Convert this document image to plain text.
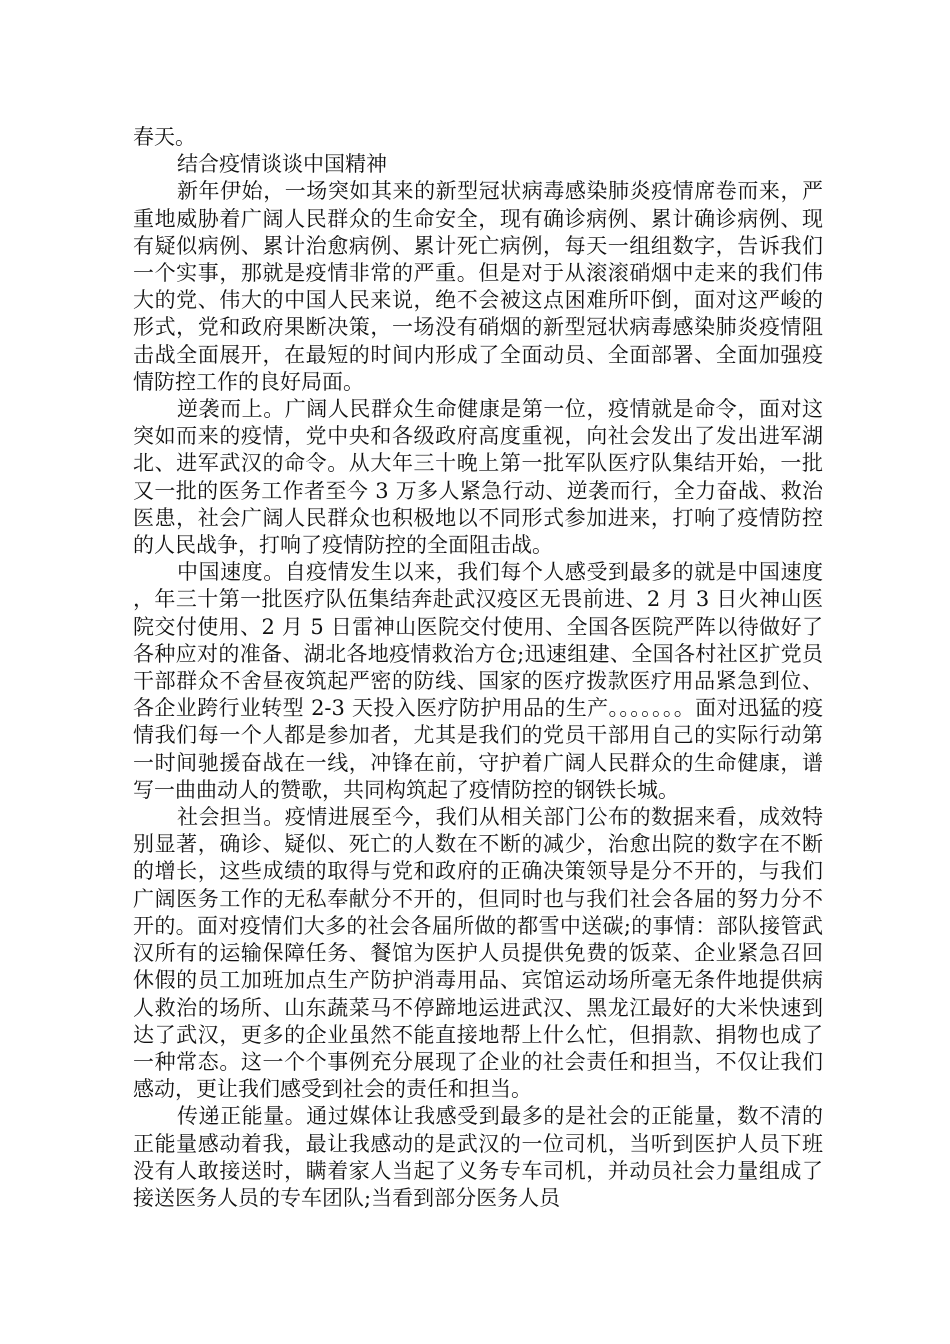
春天。

结合疫情谈谈中国精神

新年伊始，一场突如其来的新型冠状病毒感染肺炎疫情席卷而来，严重地威胁着广阔人民群众的生命安全，现有确诊病例、累计确诊病例、现有疑似病例、累计治愈病例、累计死亡病例，每天一组组数字，告诉我们一个实事，那就是疫情非常的严重。但是对于从滚滚硝烟中走来的我们伟大的党、伟大的中国人民来说，绝不会被这点困难所吓倒，面对这严峻的形式，党和政府果断决策，一场没有硝烟的新型冠状病毒感染肺炎疫情阻击战全面展开，在最短的时间内形成了全面动员、全面部署、全面加强疫情防控工作的良好局面。

逆袭而上。广阔人民群众生命健康是第一位，疫情就是命令，面对这突如而来的疫情，党中央和各级政府高度重视，向社会发出了发出进军湖北、进军武汉的命令。从大年三十晚上第一批军队医疗队集结开始，一批又一批的医务工作者至今 3 万多人紧急行动、逆袭而行，全力奋战、救治医患，社会广阔人民群众也积极地以不同形式参加进来，打响了疫情防控的人民战争，打响了疫情防控的全面阻击战。

中国速度。自疫情发生以来，我们每个人感受到最多的就是中国速度，年三十第一批医疗队伍集结奔赴武汉疫区无畏前进、2 月 3 日火神山医院交付使用、2 月 5 日雷神山医院交付使用、全国各医院严阵以待做好了各种应对的准备、湖北各地疫情救治方仓;迅速组建、全国各村社区扩党员干部群众不舍昼夜筑起严密的防线、国家的医疗拨款医疗用品紧急到位、各企业跨行业转型 2-3 天投入医疗防护用品的生产。。。。。。。面对迅猛的疫情我们每一个人都是参加者，尤其是我们的党员干部用自己的实际行动第一时间驰援奋战在一线，冲锋在前，守护着广阔人民群众的生命健康，谱写一曲曲动人的赞歌，共同构筑起了疫情防控的钢铁长城。

社会担当。疫情进展至今，我们从相关部门公布的数据来看，成效特别显著，确诊、疑似、死亡的人数在不断的减少，治愈出院的数字在不断的增长，这些成绩的取得与党和政府的正确决策领导是分不开的，与我们广阔医务工作的无私奉献分不开的，但同时也与我们社会各届的努力分不开的。面对疫情们大多的社会各届所做的都雪中送碳;的事情：部队接管武汉所有的运输保障任务、餐馆为医护人员提供免费的饭菜、企业紧急召回休假的员工加班加点生产防护消毒用品、宾馆运动场所毫无条件地提供病人救治的场所、山东蔬菜马不停蹄地运进武汉、黑龙江最好的大米快速到达了武汉，更多的企业虽然不能直接地帮上什么忙，但捐款、捐物也成了一种常态。这一个个事例充分展现了企业的社会责任和担当，不仅让我们感动，更让我们感受到社会的责任和担当。

传递正能量。通过媒体让我感受到最多的是社会的正能量，数不清的正能量感动着我，最让我感动的是武汉的一位司机，当听到医护人员下班没有人敢接送时，瞒着家人当起了义务专车司机，并动员社会力量组成了接送医务人员的专车团队;当看到部分医务人员
